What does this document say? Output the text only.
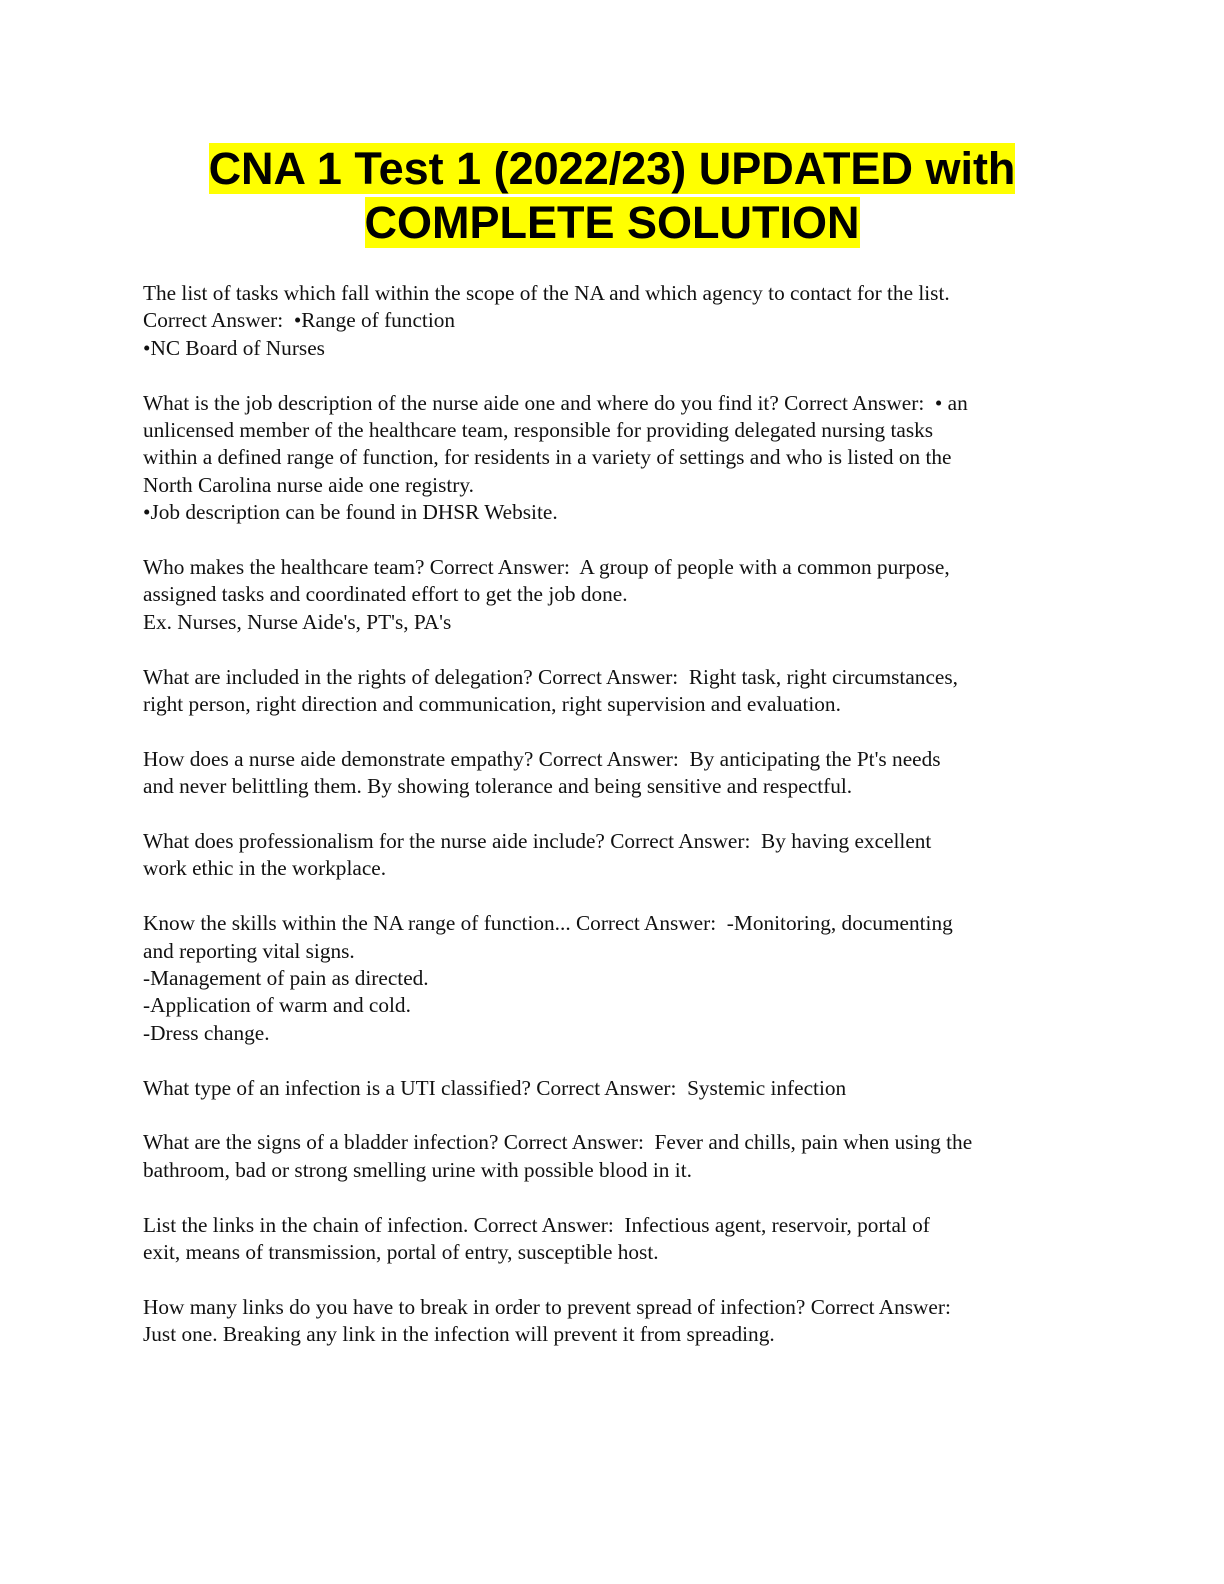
CNA 1 Test 1 (2022/23) UPDATED with
COMPLETE SOLUTION
The list of tasks which fall within the scope of the NA and which agency to contact for the list.
Correct Answer:  •Range of function
•NC Board of Nurses
What is the job description of the nurse aide one and where do you find it? Correct Answer:  • an
unlicensed member of the healthcare team, responsible for providing delegated nursing tasks
within a defined range of function, for residents in a variety of settings and who is listed on the
North Carolina nurse aide one registry.
•Job description can be found in DHSR Website.
Who makes the healthcare team? Correct Answer:  A group of people with a common purpose,
assigned tasks and coordinated effort to get the job done.
Ex. Nurses, Nurse Aide's, PT's, PA's
What are included in the rights of delegation? Correct Answer:  Right task, right circumstances,
right person, right direction and communication, right supervision and evaluation.
How does a nurse aide demonstrate empathy? Correct Answer:  By anticipating the Pt's needs
and never belittling them. By showing tolerance and being sensitive and respectful.
What does professionalism for the nurse aide include? Correct Answer:  By having excellent
work ethic in the workplace.
Know the skills within the NA range of function... Correct Answer:  -Monitoring, documenting
and reporting vital signs.
-Management of pain as directed.
-Application of warm and cold.
-Dress change.
What type of an infection is a UTI classified? Correct Answer:  Systemic infection
What are the signs of a bladder infection? Correct Answer:  Fever and chills, pain when using the
bathroom, bad or strong smelling urine with possible blood in it.
List the links in the chain of infection. Correct Answer:  Infectious agent, reservoir, portal of
exit, means of transmission, portal of entry, susceptible host.
How many links do you have to break in order to prevent spread of infection? Correct Answer:
Just one. Breaking any link in the infection will prevent it from spreading.
